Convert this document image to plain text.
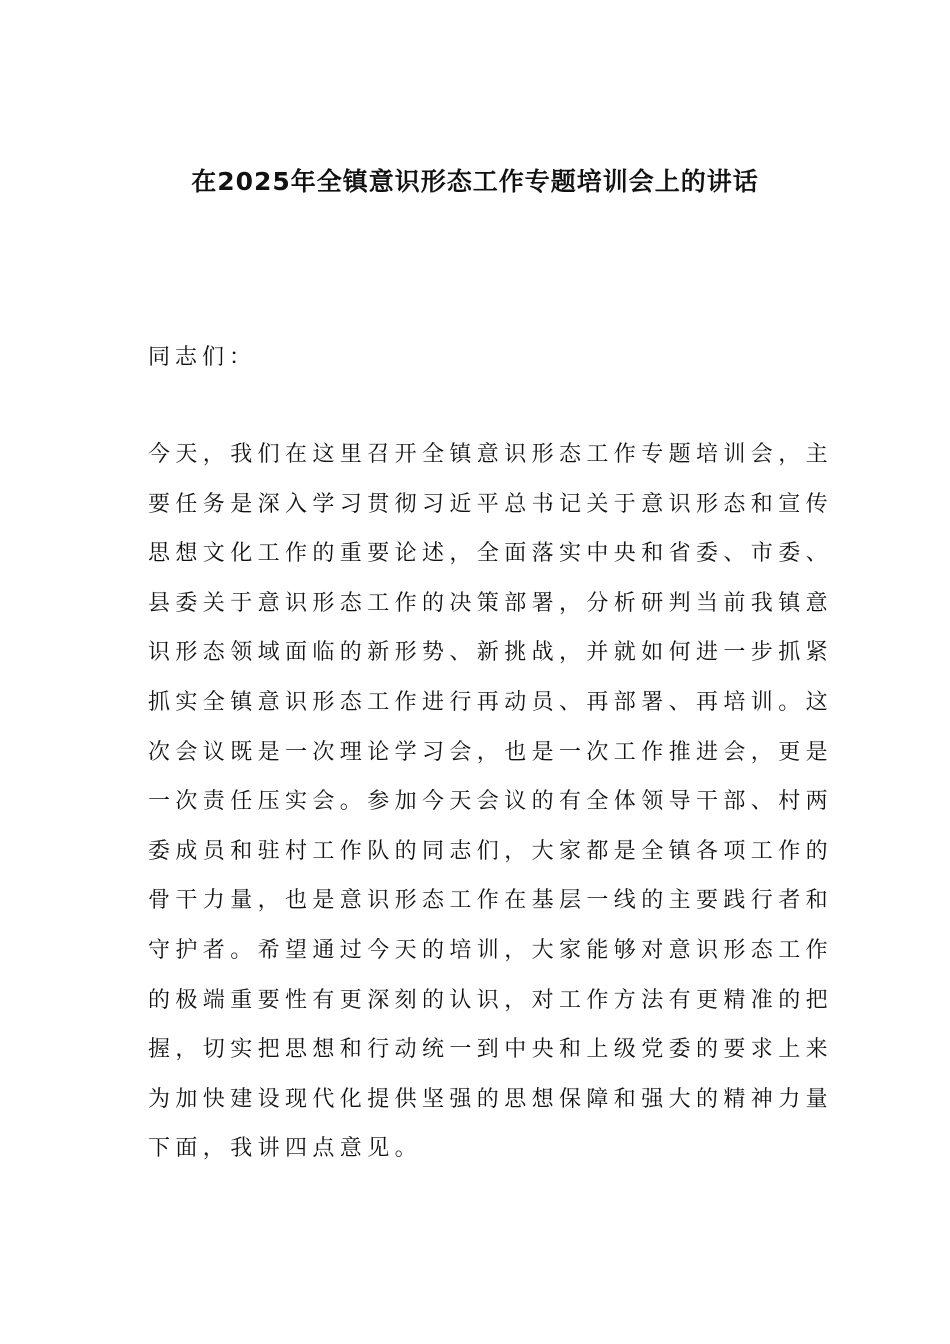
在2025年全镇意识形态工作专题培训会上的讲话
同志们：
今天，我们在这里召开全镇意识形态工作专题培训会，主
要任务是深入学习贯彻习近平总书记关于意识形态和宣传
思想文化工作的重要论述，全面落实中央和省委、市委、
县委关于意识形态工作的决策部署，分析研判当前我镇意
识形态领域面临的新形势、新挑战，并就如何进一步抓紧
抓实全镇意识形态工作进行再动员、再部署、再培训。这
次会议既是一次理论学习会，也是一次工作推进会，更是
一次责任压实会。参加今天会议的有全体领导干部、村两
委成员和驻村工作队的同志们，大家都是全镇各项工作的
骨干力量，也是意识形态工作在基层一线的主要践行者和
守护者。希望通过今天的培训，大家能够对意识形态工作
的极端重要性有更深刻的认识，对工作方法有更精准的把
握，切实把思想和行动统一到中央和上级党委的要求上来
为加快建设现代化提供坚强的思想保障和强大的精神力量
下面，我讲四点意见。
